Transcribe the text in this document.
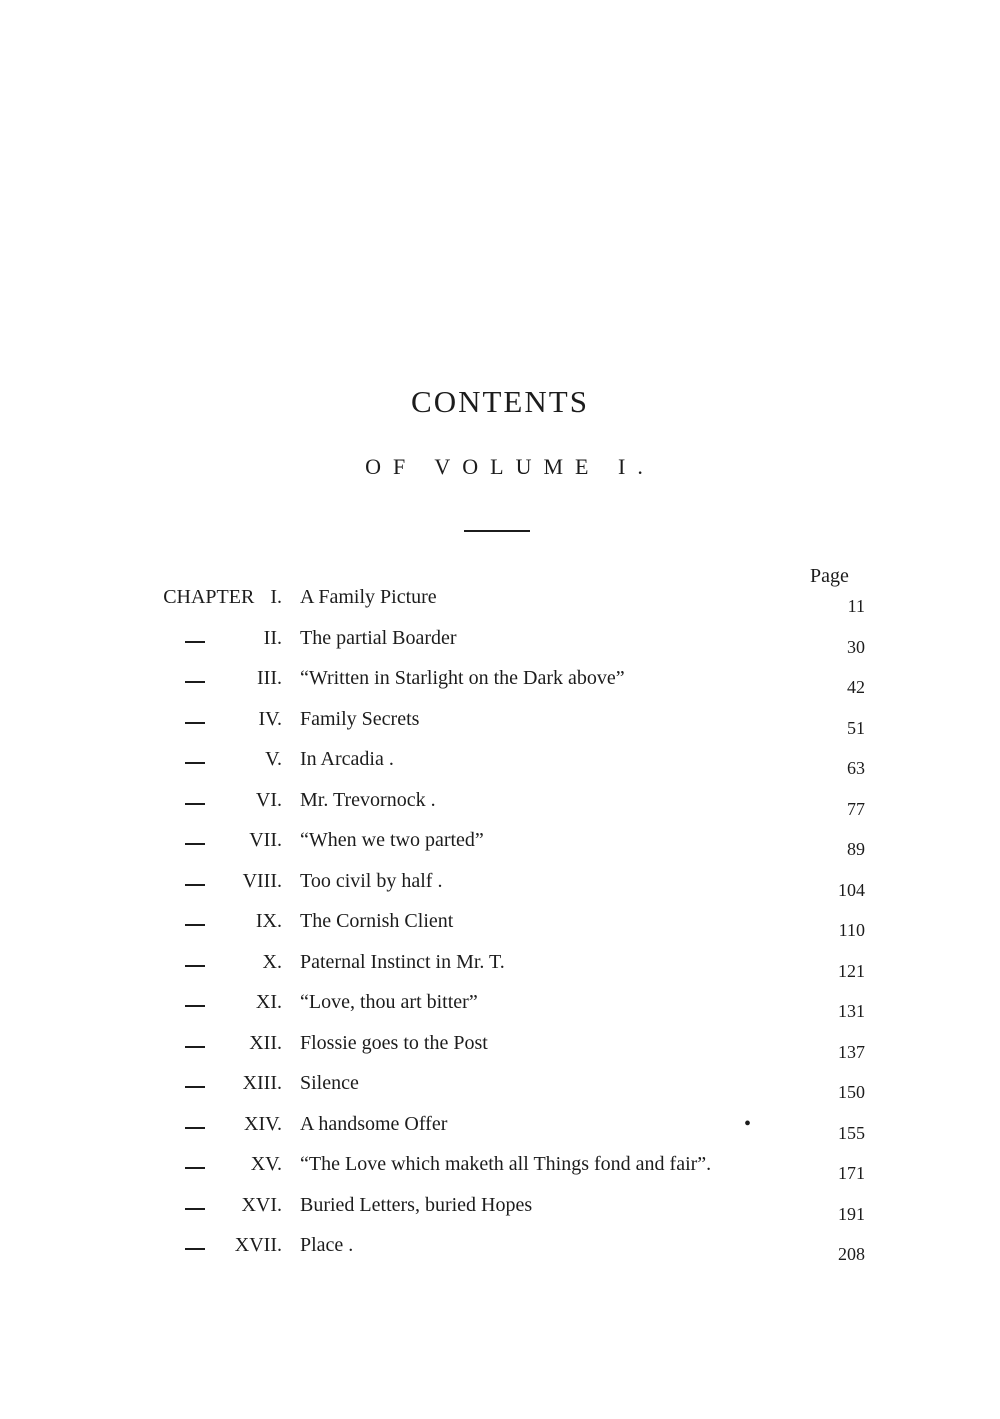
CONTENTS
OF VOLUME I.
Page
CHAPTER I. A Family Picture	11
II. The partial Boarder	30
III. “Written in Starlight on the Dark above”	42
IV. Family Secrets	51
V. In Arcadia .	63
VI. Mr. Trevornock .	77
VII. “When we two parted”	89
VIII. Too civil by half .	104
IX. The Cornish Client	110
X. Paternal Instinct in Mr. T.	121
XI. “Love, thou art bitter”	131
XII. Flossie goes to the Post	137
XIII. Silence	150
XIV. A handsome Offer	•	155
XV. “The Love which maketh all Things fond and fair”.	171
XVI. Buried Letters, buried Hopes	191
XVII. Place .	208
